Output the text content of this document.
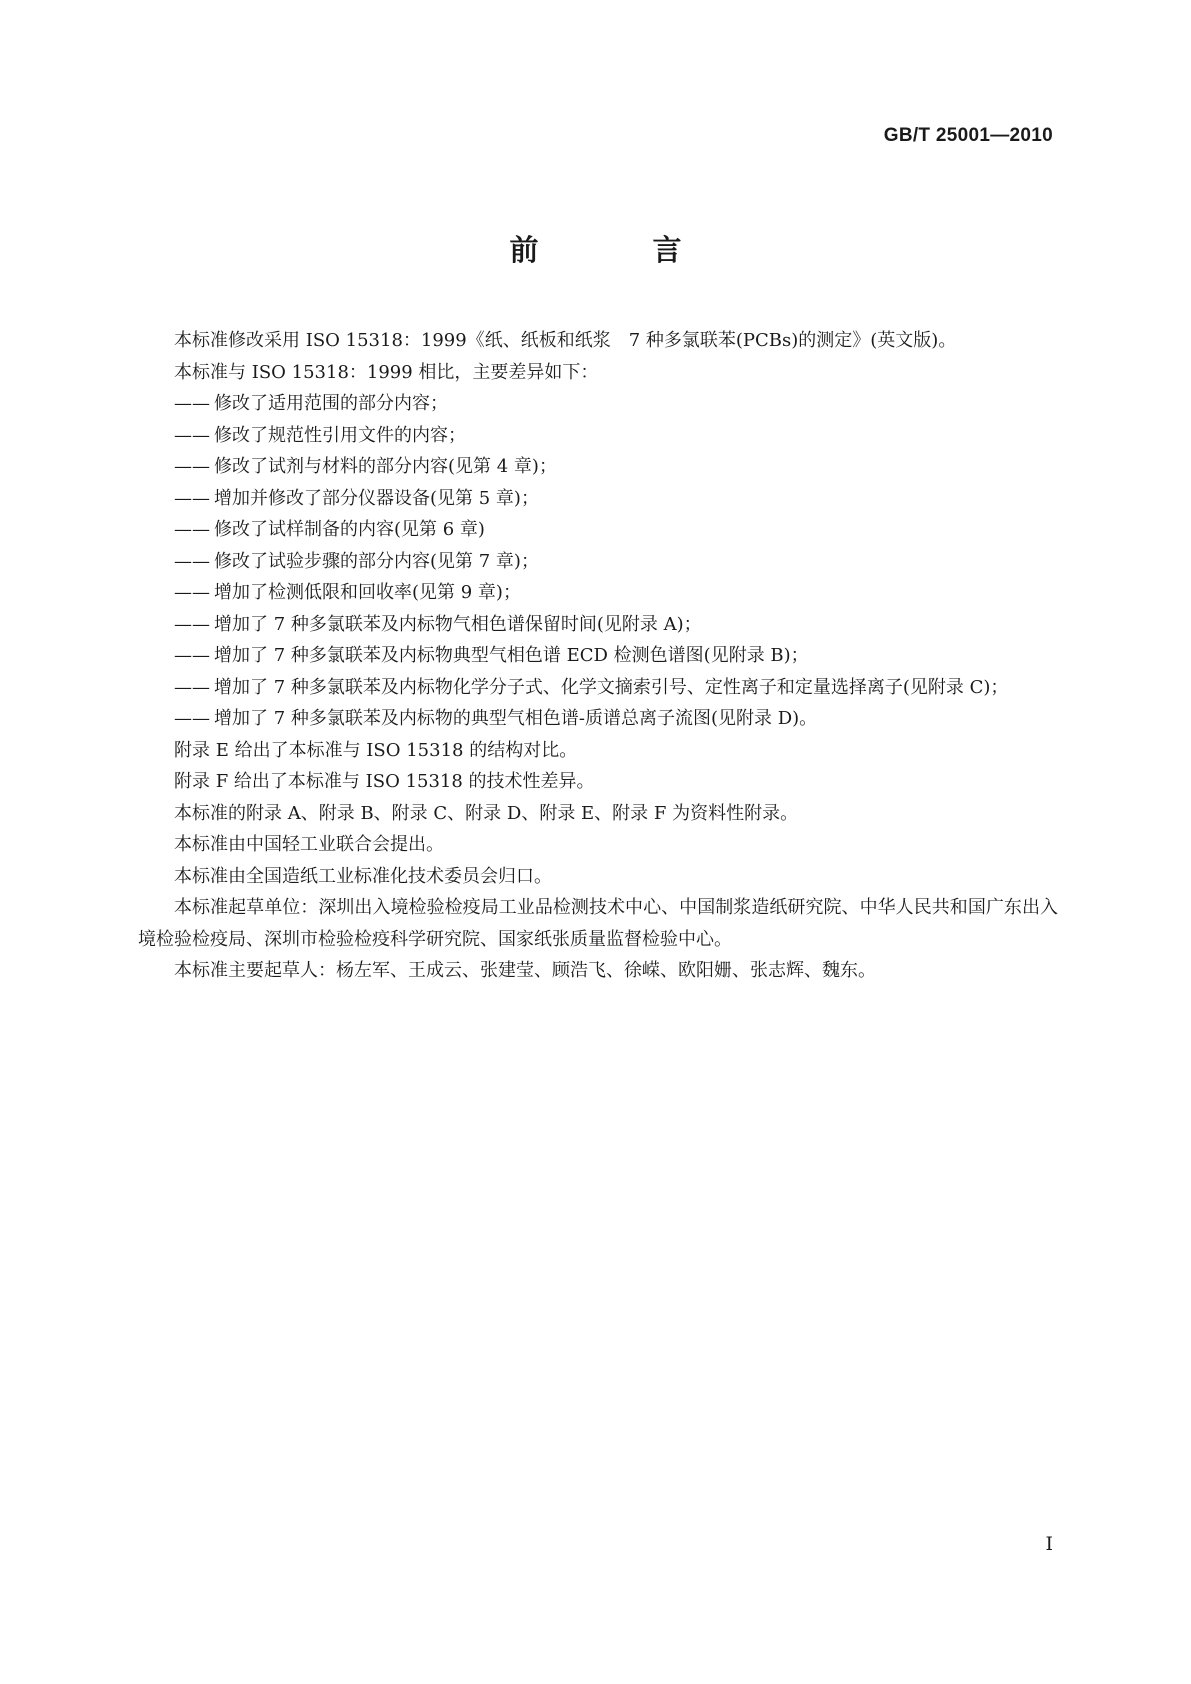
GB/T 25001—2010
前 言

本标准修改采用 ISO 15318：1999《纸、纸板和纸浆　7 种多氯联苯(PCBs)的测定》(英文版)。

本标准与 ISO 15318：1999 相比，主要差异如下：

—— 修改了适用范围的部分内容；

—— 修改了规范性引用文件的内容；

—— 修改了试剂与材料的部分内容(见第 4 章)；

—— 增加并修改了部分仪器设备(见第 5 章)；

—— 修改了试样制备的内容(见第 6 章)

—— 修改了试验步骤的部分内容(见第 7 章)；

—— 增加了检测低限和回收率(见第 9 章)；

—— 增加了 7 种多氯联苯及内标物气相色谱保留时间(见附录 A)；

—— 增加了 7 种多氯联苯及内标物典型气相色谱 ECD 检测色谱图(见附录 B)；

—— 增加了 7 种多氯联苯及内标物化学分子式、化学文摘索引号、定性离子和定量选择离子(见附录 C)；

—— 增加了 7 种多氯联苯及内标物的典型气相色谱-质谱总离子流图(见附录 D)。

附录 E 给出了本标准与 ISO 15318 的结构对比。

附录 F 给出了本标准与 ISO 15318 的技术性差异。

本标准的附录 A、附录 B、附录 C、附录 D、附录 E、附录 F 为资料性附录。

本标准由中国轻工业联合会提出。

本标准由全国造纸工业标准化技术委员会归口。

本标准起草单位：深圳出入境检验检疫局工业品检测技术中心、中国制浆造纸研究院、中华人民共和国广东出入境检验检疫局、深圳市检验检疫科学研究院、国家纸张质量监督检验中心。

本标准主要起草人：杨左军、王成云、张建莹、顾浩飞、徐嵘、欧阳姗、张志辉、魏东。

I
